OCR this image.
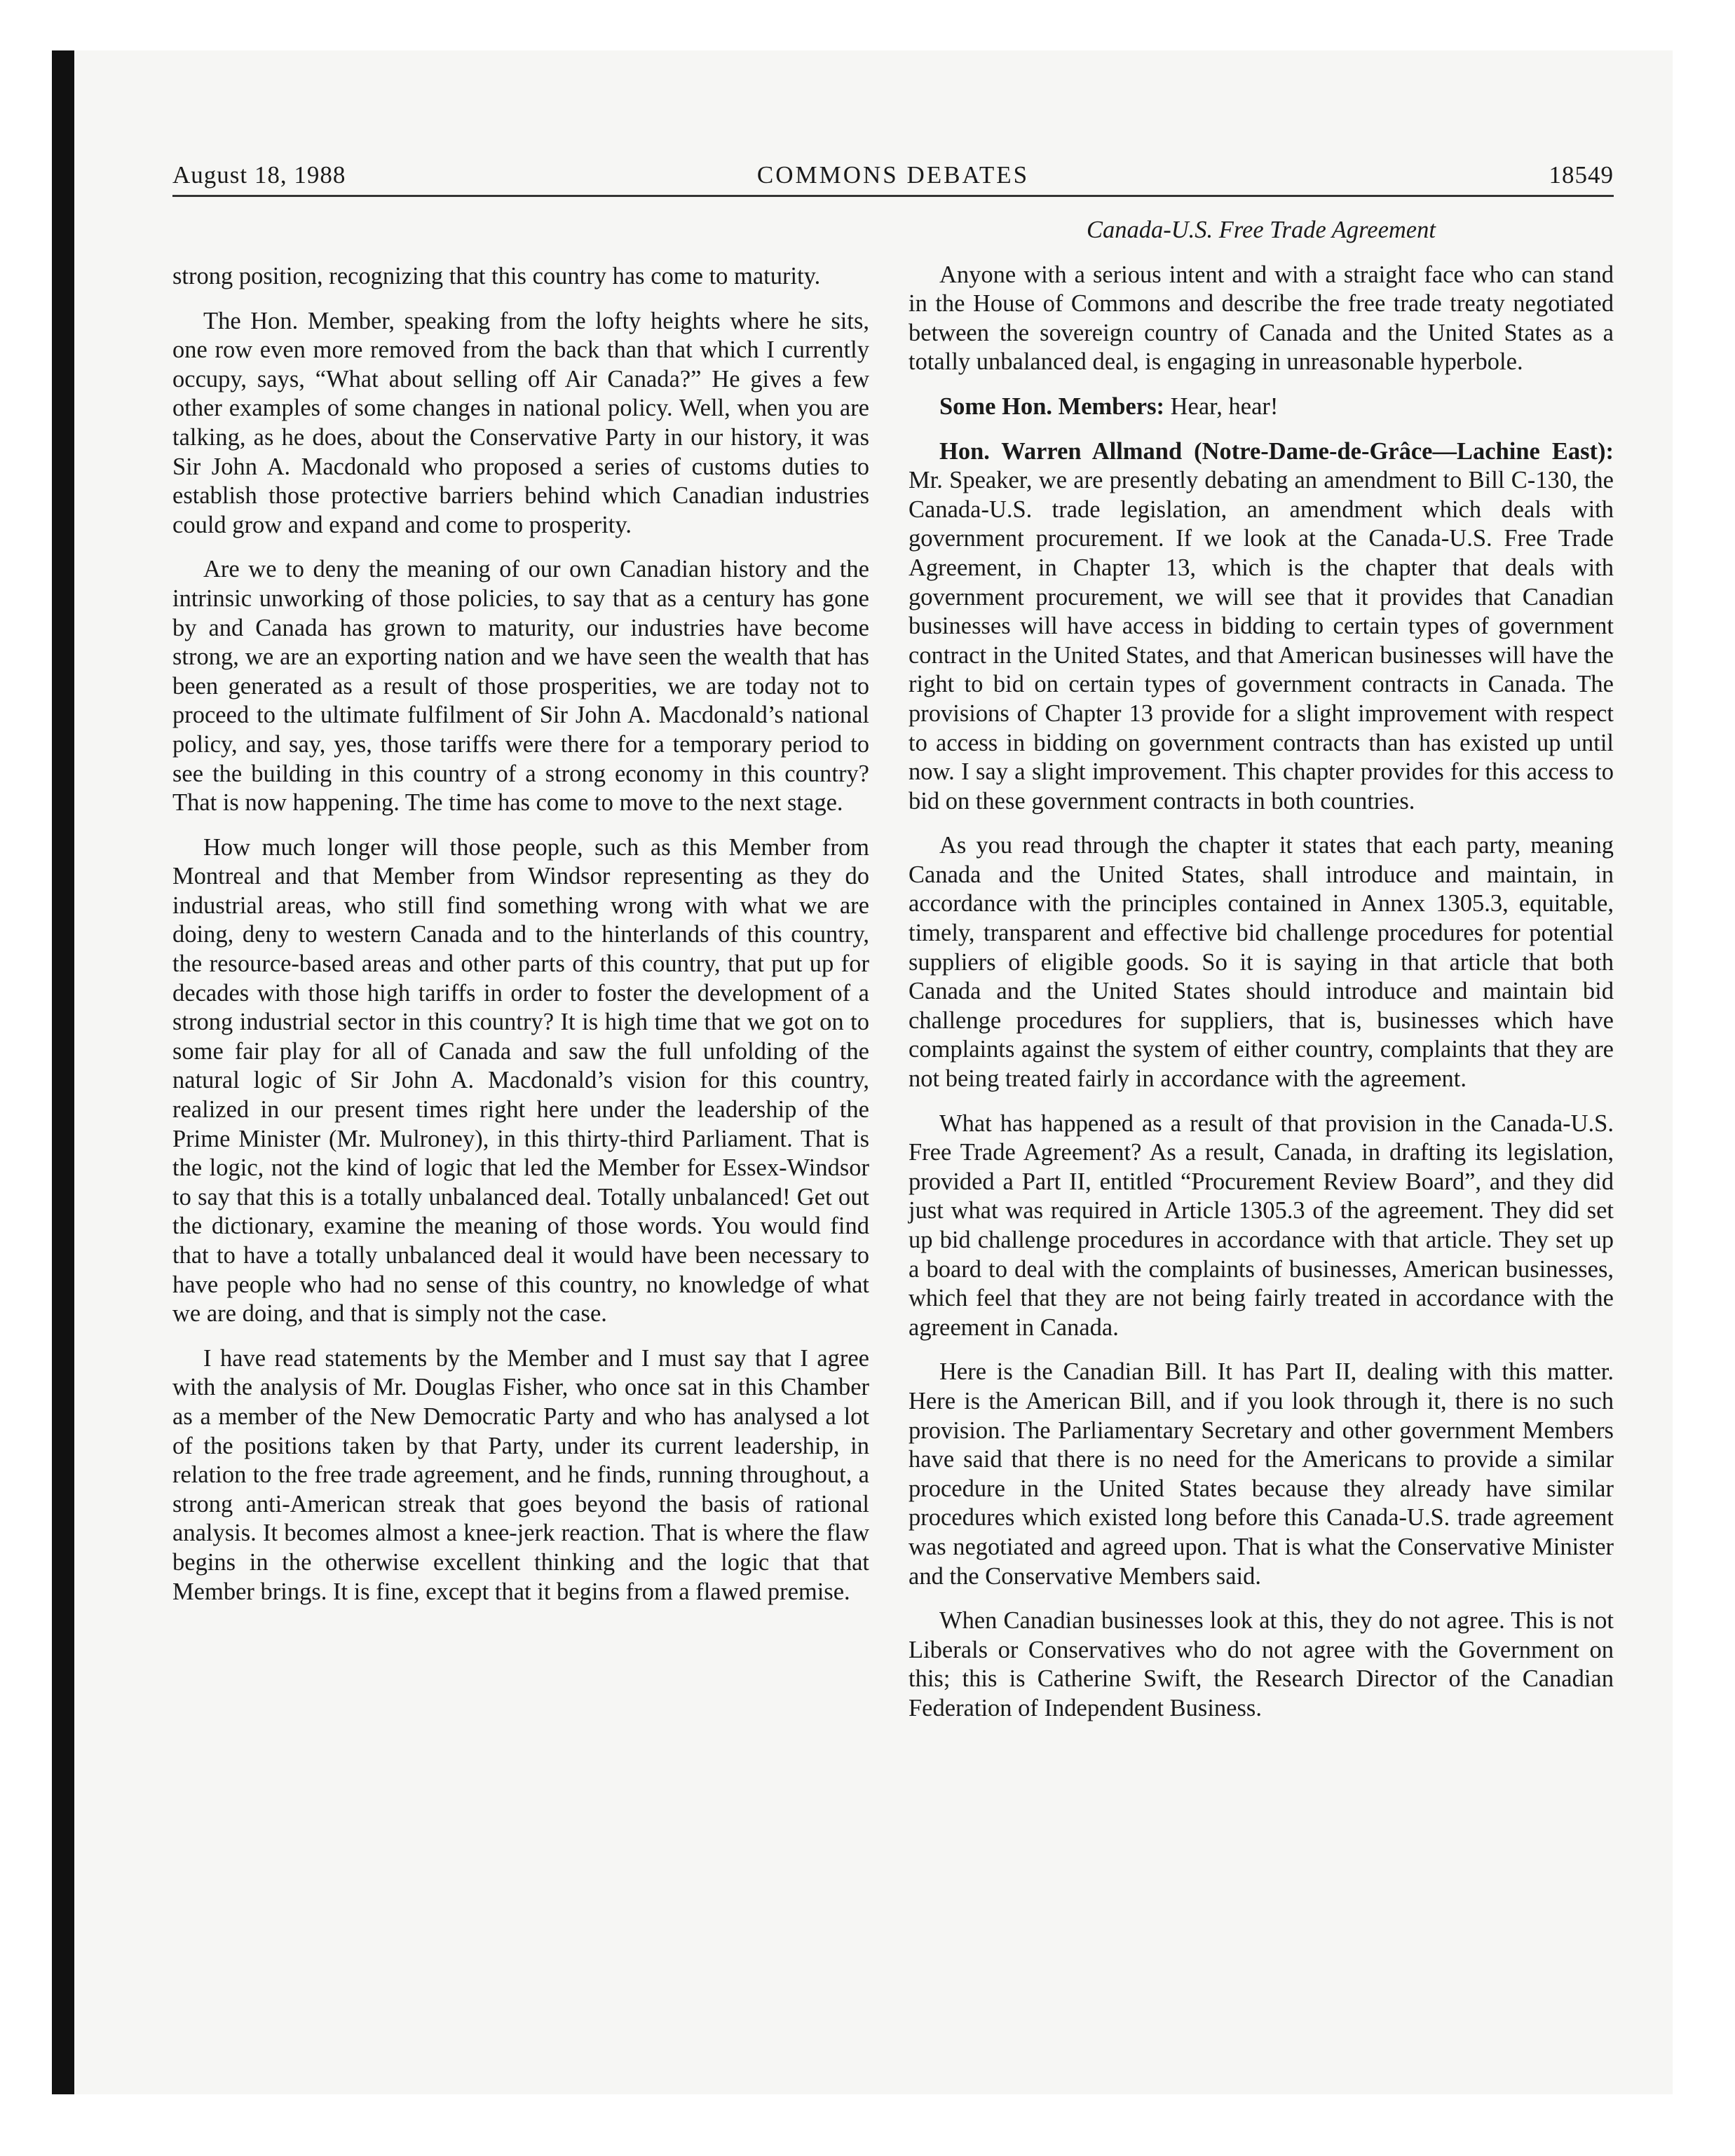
August 18, 1988	COMMONS DEBATES	18549

strong position, recognizing that this country has come to maturity.

The Hon. Member, speaking from the lofty heights where he sits, one row even more removed from the back than that which I currently occupy, says, “What about selling off Air Canada?” He gives a few other examples of some changes in national policy. Well, when you are talking, as he does, about the Conservative Party in our history, it was Sir John A. Macdonald who proposed a series of customs duties to establish those protective barriers behind which Canadian industries could grow and expand and come to prosperity.

Are we to deny the meaning of our own Canadian history and the intrinsic unworking of those policies, to say that as a century has gone by and Canada has grown to maturity, our industries have become strong, we are an exporting nation and we have seen the wealth that has been generated as a result of those prosperities, we are today not to proceed to the ultimate fulfilment of Sir John A. Macdonald’s national policy, and say, yes, those tariffs were there for a temporary period to see the building in this country of a strong economy in this country? That is now happening. The time has come to move to the next stage.

How much longer will those people, such as this Member from Montreal and that Member from Windsor representing as they do industrial areas, who still find something wrong with what we are doing, deny to western Canada and to the hinterlands of this country, the resource-based areas and other parts of this country, that put up for decades with those high tariffs in order to foster the development of a strong industrial sector in this country? It is high time that we got on to some fair play for all of Canada and saw the full unfolding of the natural logic of Sir John A. Macdonald’s vision for this country, realized in our present times right here under the leadership of the Prime Minister (Mr. Mulroney), in this thirty-third Parliament. That is the logic, not the kind of logic that led the Member for Essex-Windsor to say that this is a totally unbalanced deal. Totally unbalanced! Get out the dictionary, examine the meaning of those words. You would find that to have a totally unbalanced deal it would have been necessary to have people who had no sense of this country, no knowledge of what we are doing, and that is simply not the case.

I have read statements by the Member and I must say that I agree with the analysis of Mr. Douglas Fisher, who once sat in this Chamber as a member of the New Democratic Party and who has analysed a lot of the positions taken by that Party, under its current leadership, in relation to the free trade agreement, and he finds, running throughout, a strong anti-American streak that goes beyond the basis of rational analysis. It becomes almost a knee-jerk reaction. That is where the flaw begins in the otherwise excellent thinking and the logic that that Member brings. It is fine, except that it begins from a flawed premise.

Canada-U.S. Free Trade Agreement

Anyone with a serious intent and with a straight face who can stand in the House of Commons and describe the free trade treaty negotiated between the sovereign country of Canada and the United States as a totally unbalanced deal, is engaging in unreasonable hyperbole.

Some Hon. Members: Hear, hear!

Hon. Warren Allmand (Notre-Dame-de-Grâce—Lachine East): Mr. Speaker, we are presently debating an amendment to Bill C-130, the Canada-U.S. trade legislation, an amendment which deals with government procurement. If we look at the Canada-U.S. Free Trade Agreement, in Chapter 13, which is the chapter that deals with government procurement, we will see that it provides that Canadian businesses will have access in bidding to certain types of government contract in the United States, and that American businesses will have the right to bid on certain types of government contracts in Canada. The provisions of Chapter 13 provide for a slight improvement with respect to access in bidding on government contracts than has existed up until now. I say a slight improvement. This chapter provides for this access to bid on these government contracts in both countries.

As you read through the chapter it states that each party, meaning Canada and the United States, shall introduce and maintain, in accordance with the principles contained in Annex 1305.3, equitable, timely, transparent and effective bid challenge procedures for potential suppliers of eligible goods. So it is saying in that article that both Canada and the United States should introduce and maintain bid challenge procedures for suppliers, that is, businesses which have complaints against the system of either country, complaints that they are not being treated fairly in accordance with the agreement.

What has happened as a result of that provision in the Canada-U.S. Free Trade Agreement? As a result, Canada, in drafting its legislation, provided a Part II, entitled “Procurement Review Board”, and they did just what was required in Article 1305.3 of the agreement. They did set up bid challenge procedures in accordance with that article. They set up a board to deal with the complaints of businesses, American businesses, which feel that they are not being fairly treated in accordance with the agreement in Canada.

Here is the Canadian Bill. It has Part II, dealing with this matter. Here is the American Bill, and if you look through it, there is no such provision. The Parliamentary Secretary and other government Members have said that there is no need for the Americans to provide a similar procedure in the United States because they already have similar procedures which existed long before this Canada-U.S. trade agreement was negotiated and agreed upon. That is what the Conservative Minister and the Conservative Members said.

When Canadian businesses look at this, they do not agree. This is not Liberals or Conservatives who do not agree with the Government on this; this is Catherine Swift, the Research Director of the Canadian Federation of Independent Business.
